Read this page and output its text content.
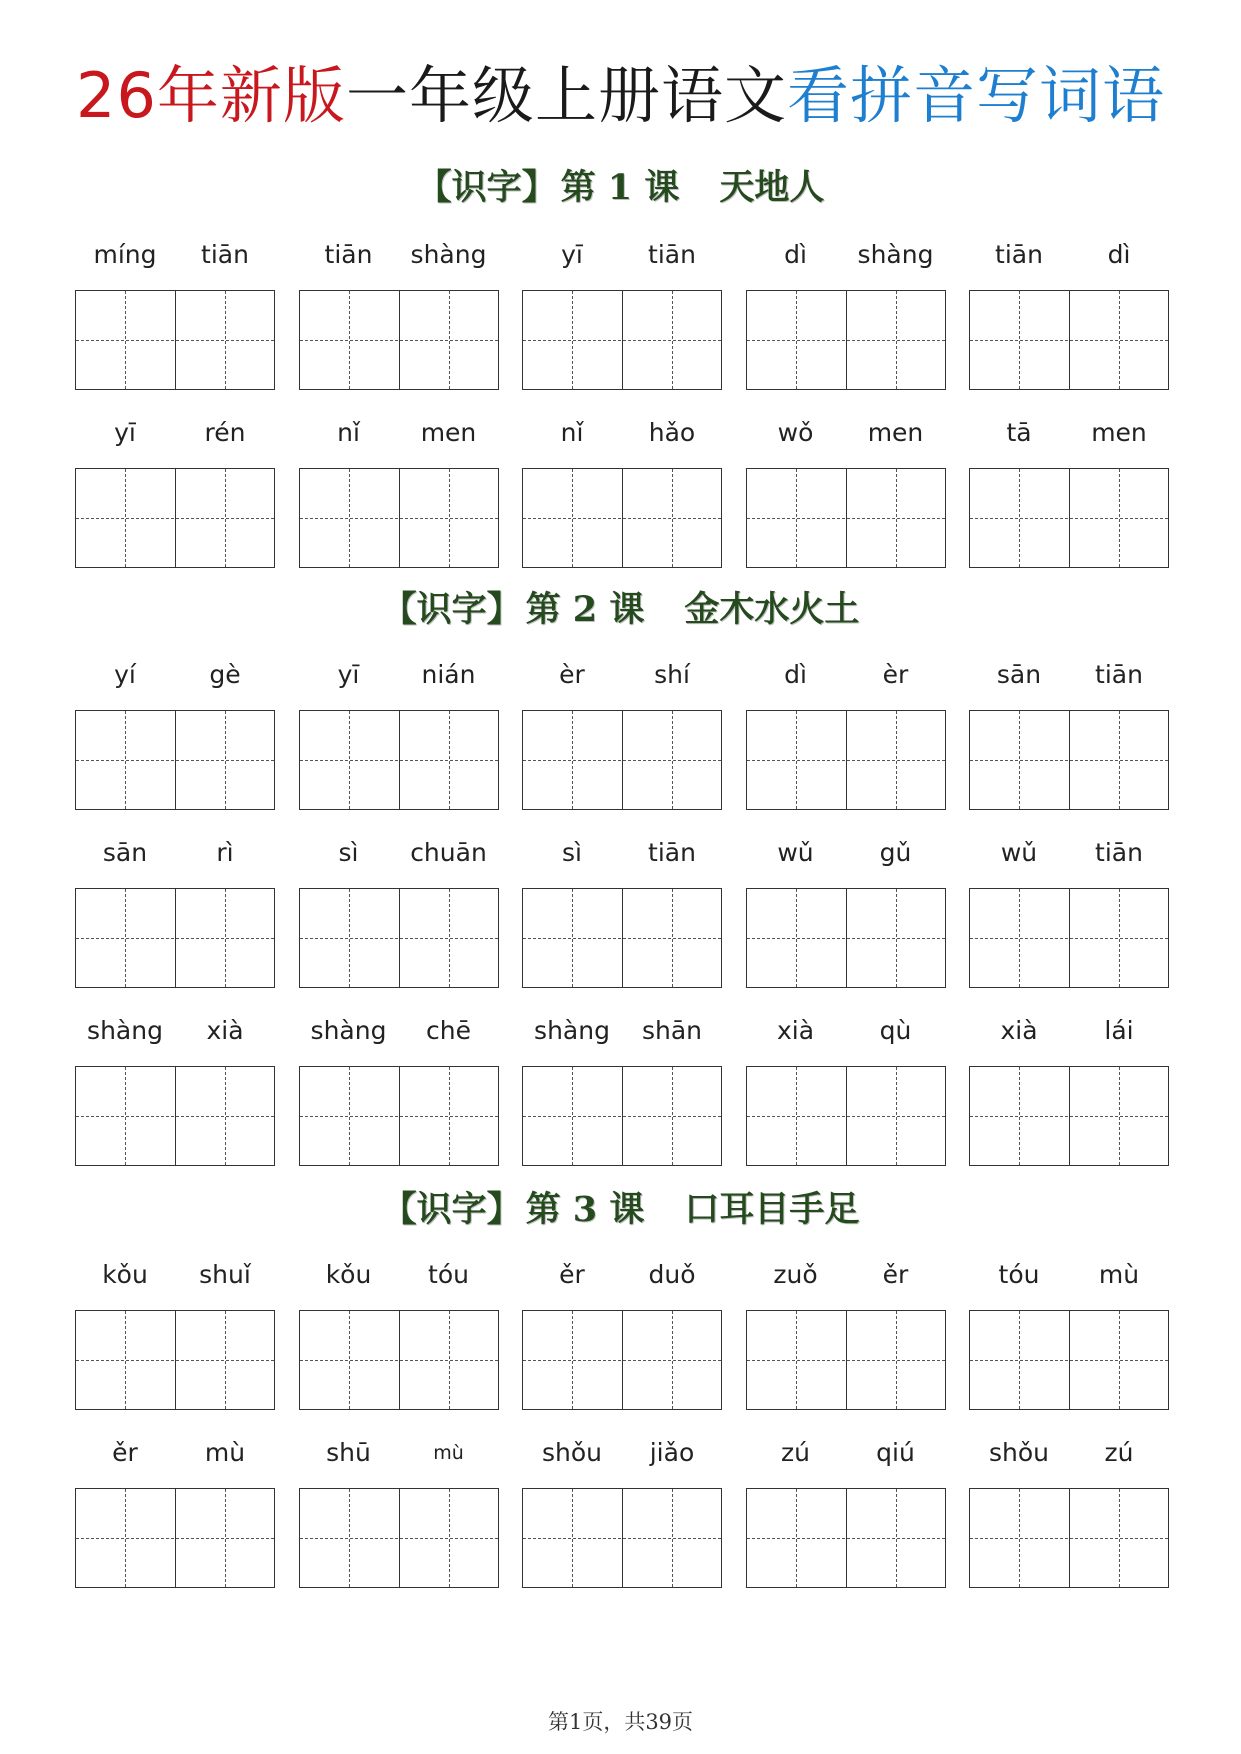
26年新版一年级上册语文看拼音写词语
【识字】 第 1 课 天地人
【识字】 第 2 课 金木水火土
【识字】 第 3 课 口耳目手足
míng	tiān	tiān	shàng	yī	tiān	dì	shàng	tiān	dì
yī	rén	nǐ	men	nǐ	hǎo	wǒ	men	tā	men
yí	gè	yī	nián	èr	shí	dì	èr	sān	tiān
sān	rì	sì	chuān	sì	tiān	wǔ	gǔ	wǔ	tiān
shàng	xià	shàng	chē	shàng	shān	xià	qù	xià	lái
kǒu	shuǐ	kǒu	tóu	ěr	duǒ	zuǒ	ěr	tóu	mù
ěr	mù	shū	mù	shǒu	jiǎo	zú	qiú	shǒu	zú
第1页，共39页
